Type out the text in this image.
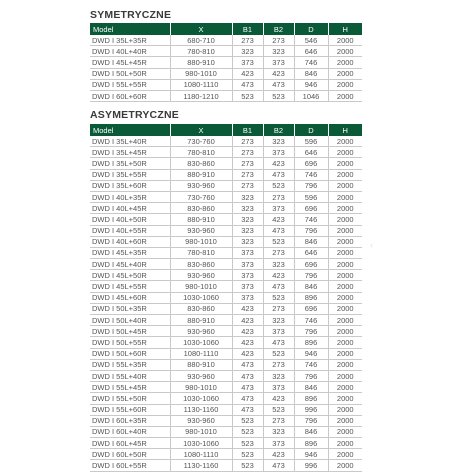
SYMETRYCZNE
Model	X	B1	B2	D	H
DWD I 35L+35R	680-710	273	273	546	2000
DWD I 40L+40R	780-810	323	323	646	2000
DWD I 45L+45R	880-910	373	373	746	2000
DWD I 50L+50R	980-1010	423	423	846	2000
DWD I 55L+55R	1080-1110	473	473	946	2000
DWD I 60L+60R	1180-1210	523	523	1046	2000
ASYMETRYCZNE
Model	X	B1	B2	D	H
DWD I 35L+40R	730-760	273	323	596	2000
DWD I 35L+45R	780-810	273	373	646	2000
DWD I 35L+50R	830-860	273	423	696	2000
DWD I 35L+55R	880-910	273	473	746	2000
DWD I 35L+60R	930-960	273	523	796	2000
DWD I 40L+35R	730-760	323	273	596	2000
DWD I 40L+45R	830-860	323	373	696	2000
DWD I 40L+50R	880-910	323	423	746	2000
DWD I 40L+55R	930-960	323	473	796	2000
DWD I 40L+60R	980-1010	323	523	846	2000
DWD I 45L+35R	780-810	373	273	646	2000
DWD I 45L+40R	830-860	373	323	696	2000
DWD I 45L+50R	930-960	373	423	796	2000
DWD I 45L+55R	980-1010	373	473	846	2000
DWD I 45L+60R	1030-1060	373	523	896	2000
DWD I 50L+35R	830-860	423	273	696	2000
DWD I 50L+40R	880-910	423	323	746	2000
DWD I 50L+45R	930-960	423	373	796	2000
DWD I 50L+55R	1030-1060	423	473	896	2000
DWD I 50L+60R	1080-1110	423	523	946	2000
DWD I 55L+35R	880-910	473	273	746	2000
DWD I 55L+40R	930-960	473	323	796	2000
DWD I 55L+45R	980-1010	473	373	846	2000
DWD I 55L+50R	1030-1060	473	423	896	2000
DWD I 55L+60R	1130-1160	473	523	996	2000
DWD I 60L+35R	930-960	523	273	796	2000
DWD I 60L+40R	980-1010	523	323	846	2000
DWD I 60L+45R	1030-1060	523	373	896	2000
DWD I 60L+50R	1080-1110	523	423	946	2000
DWD I 60L+55R	1130-1160	523	473	996	2000
‹
